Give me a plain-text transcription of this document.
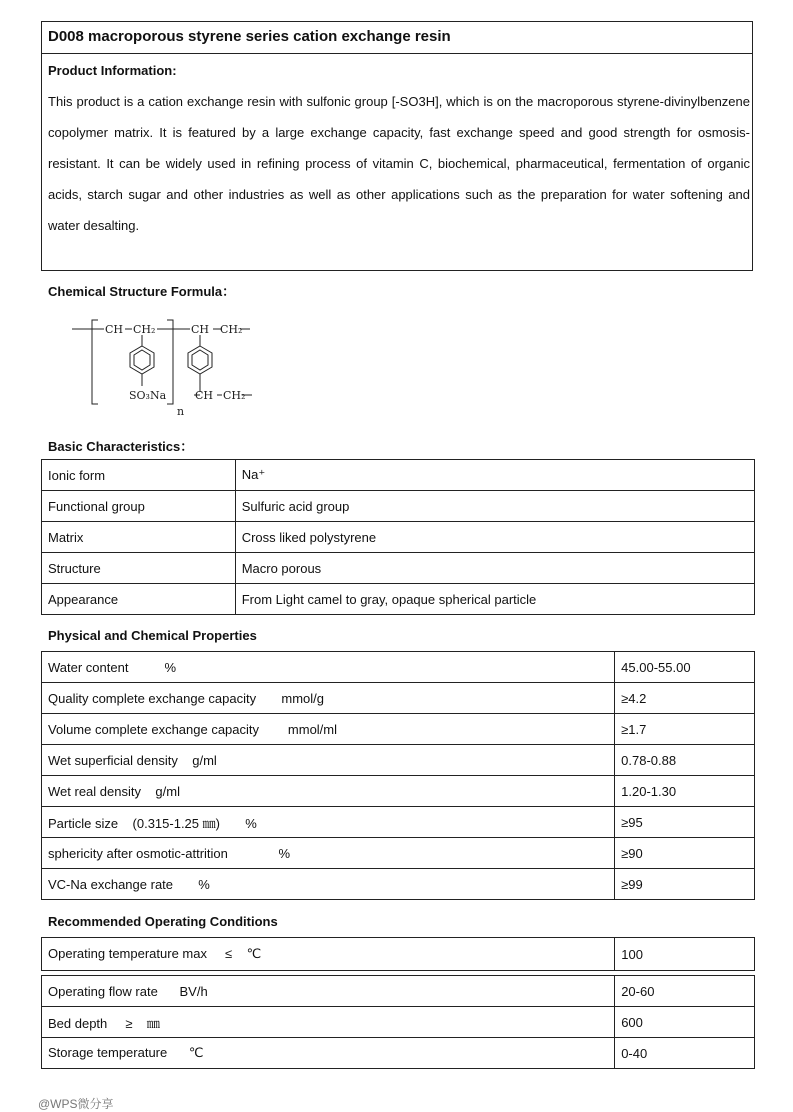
D008 macroporous styrene series cation exchange resin
Product Information:
This product is a cation exchange resin with sulfonic group [-SO3H], which is on the macroporous styrene-divinylbenzene copolymer matrix. It is featured by a large exchange capacity, fast exchange speed and good strength for osmosis-resistant. It can be widely used in refining process of vitamin C, biochemical, pharmaceutical, fermentation of organic acids, starch sugar and other industries as well as other applications such as the preparation for water softening and water desalting.
Chemical Structure Formula：
CH CH₂	CH CH₂
SO₃Na	CH CH₂
n
Basic Characteristics：
Ionic form	Na⁺
Functional group	Sulfuric acid group
Matrix	Cross liked polystyrene
Structure	Macro porous
Appearance	From Light camel to gray, opaque spherical particle
Physical and Chemical Properties
Water content          %	45.00-55.00
Quality complete exchange capacity       mmol/g	≥4.2
Volume complete exchange capacity        mmol/ml	≥1.7
Wet superficial density    g/ml	0.78-0.88
Wet real density    g/ml	1.20-1.30
Particle size    (0.315-1.25 ㎜)       %	≥95
sphericity after osmotic-attrition              %	≥90
VC-Na exchange rate       %	≥99
Recommended Operating Conditions
Operating temperature max     ≤    ℃	100
Operating flow rate      BV/h	20-60
Bed depth     ≥    ㎜	600
Storage temperature      ℃	0-40
@WPS微分享
